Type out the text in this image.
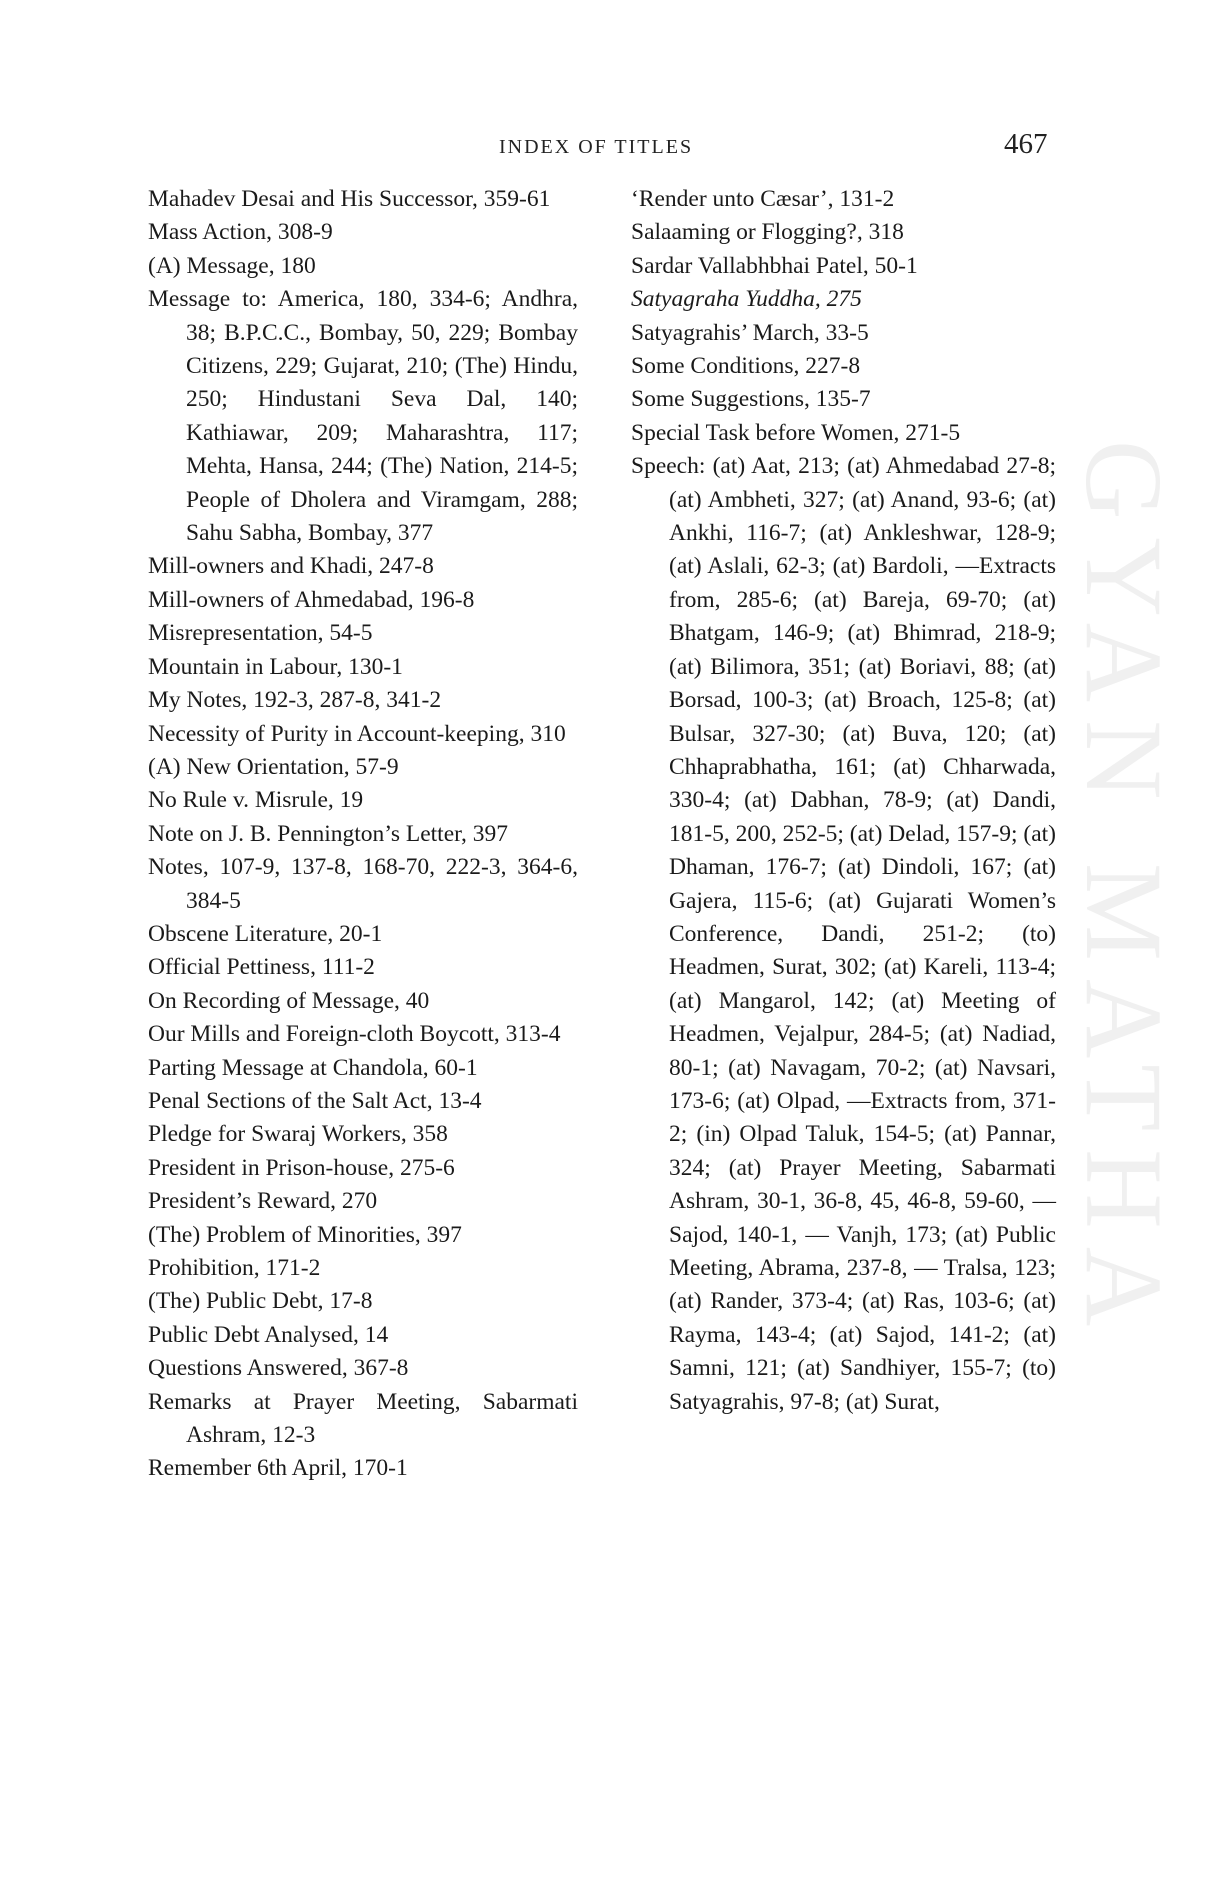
INDEX OF TITLES	467

Mahadev Desai and His Successor, 359-61

Mass Action, 308-9

(A) Message, 180

Message to: America, 180, 334-6; Andhra, 38; B.P.C.C., Bombay, 50, 229; Bombay Citizens, 229; Gujarat, 210; (The) Hindu, 250; Hindustani Seva Dal, 140; Kathiawar, 209; Maharashtra, 117; Mehta, Hansa, 244; (The) Nation, 214-5; People of Dholera and Viramgam, 288; Sahu Sabha, Bombay, 377

Mill-owners and Khadi, 247-8

Mill-owners of Ahmedabad, 196-8

Misrepresentation, 54-5

Mountain in Labour, 130-1

My Notes, 192-3, 287-8, 341-2

Necessity of Purity in Account-keeping, 310

(A) New Orientation, 57-9

No Rule v. Misrule, 19

Note on J. B. Pennington’s Letter, 397

Notes, 107-9, 137-8, 168-70, 222-3, 364-6, 384-5

Obscene Literature, 20-1

Official Pettiness, 111-2

On Recording of Message, 40

Our Mills and Foreign-cloth Boycott, 313-4

Parting Message at Chandola, 60-1

Penal Sections of the Salt Act, 13-4

Pledge for Swaraj Workers, 358

President in Prison-house, 275-6

President’s Reward, 270

(The) Problem of Minorities, 397

Prohibition, 171-2

(The) Public Debt, 17-8

Public Debt Analysed, 14

Questions Answered, 367-8

Remarks at Prayer Meeting, Sabarmati Ashram, 12-3

Remember 6th April, 170-1

‘Render unto Cæsar’, 131-2

Salaaming or Flogging?, 318

Sardar Vallabhbhai Patel, 50-1

Satyagraha Yuddha, 275

Satyagrahis’ March, 33-5

Some Conditions, 227-8

Some Suggestions, 135-7

Special Task before Women, 271-5

Speech: (at) Aat, 213; (at) Ahmedabad 27-8; (at) Ambheti, 327; (at) Anand, 93-6; (at) Ankhi, 116-7; (at) Ankleshwar, 128-9; (at) Aslali, 62-3; (at) Bardoli, —Extracts from, 285-6; (at) Bareja, 69-70; (at) Bhatgam, 146-9; (at) Bhimrad, 218-9; (at) Bilimora, 351; (at) Boriavi, 88; (at) Borsad, 100-3; (at) Broach, 125-8; (at) Bulsar, 327-30; (at) Buva, 120; (at) Chhaprabhatha, 161; (at) Chharwada, 330-4; (at) Dabhan, 78-9; (at) Dandi, 181-5, 200, 252-5; (at) Delad, 157-9; (at) Dhaman, 176-7; (at) Dindoli, 167; (at) Gajera, 115-6; (at) Gujarati Women’s Conference, Dandi, 251-2; (to) Headmen, Surat, 302; (at) Kareli, 113-4; (at) Mangarol, 142; (at) Meeting of Headmen, Vejalpur, 284-5; (at) Nadiad, 80-1; (at) Navagam, 70-2; (at) Navsari, 173-6; (at) Olpad, —Extracts from, 371-2; (in) Olpad Taluk, 154-5; (at) Pannar, 324; (at) Prayer Meeting, Sabarmati Ashram, 30-1, 36-8, 45, 46-8, 59-60, — Sajod, 140-1, — Vanjh, 173; (at) Public Meeting, Abrama, 237-8, — Tralsa, 123; (at) Rander, 373-4; (at) Ras, 103-6; (at) Rayma, 143-4; (at) Sajod, 141-2; (at) Samni, 121; (at) Sandhiyer, 155-7; (to) Satyagrahis, 97-8; (at) Surat,

GYAN MATHA
